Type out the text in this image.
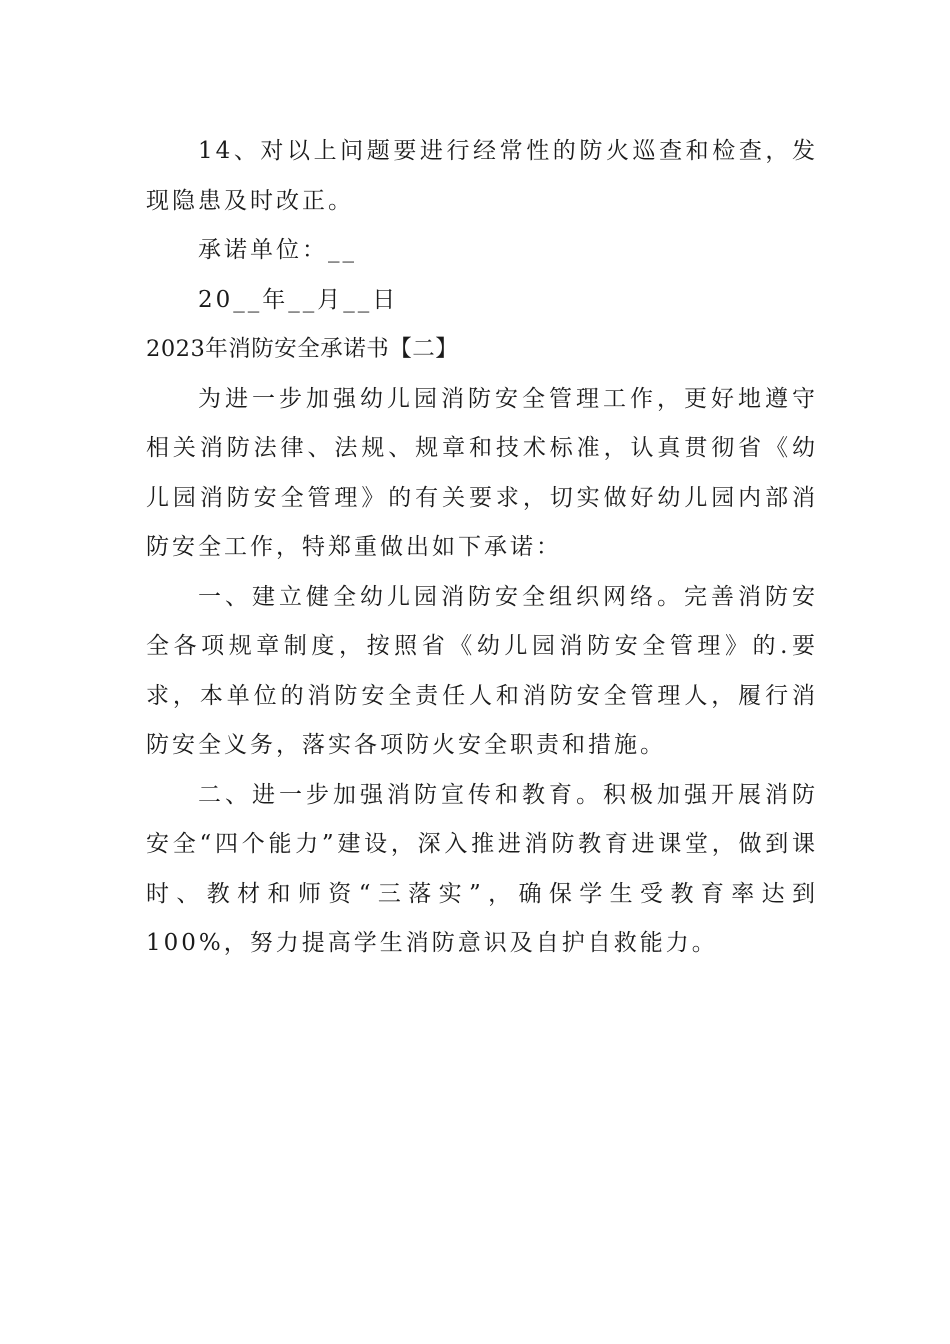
14、对以上问题要进行经常性的防火巡查和检查，发现隐患及时改正。

承诺单位：__

20__年__月__日

2023年消防安全承诺书【二】

为进一步加强幼儿园消防安全管理工作，更好地遵守相关消防法律、法规、规章和技术标准，认真贯彻省《幼儿园消防安全管理》的有关要求，切实做好幼儿园内部消防安全工作，特郑重做出如下承诺：

一、建立健全幼儿园消防安全组织网络。完善消防安全各项规章制度，按照省《幼儿园消防安全管理》的.要求，本单位的消防安全责任人和消防安全管理人，履行消防安全义务，落实各项防火安全职责和措施。

二、进一步加强消防宣传和教育。积极加强开展消防安全“四个能力”建设，深入推进消防教育进课堂，做到课时、教材和师资“三落实”，确保学生受教育率达到100%，努力提高学生消防意识及自护自救能力。
